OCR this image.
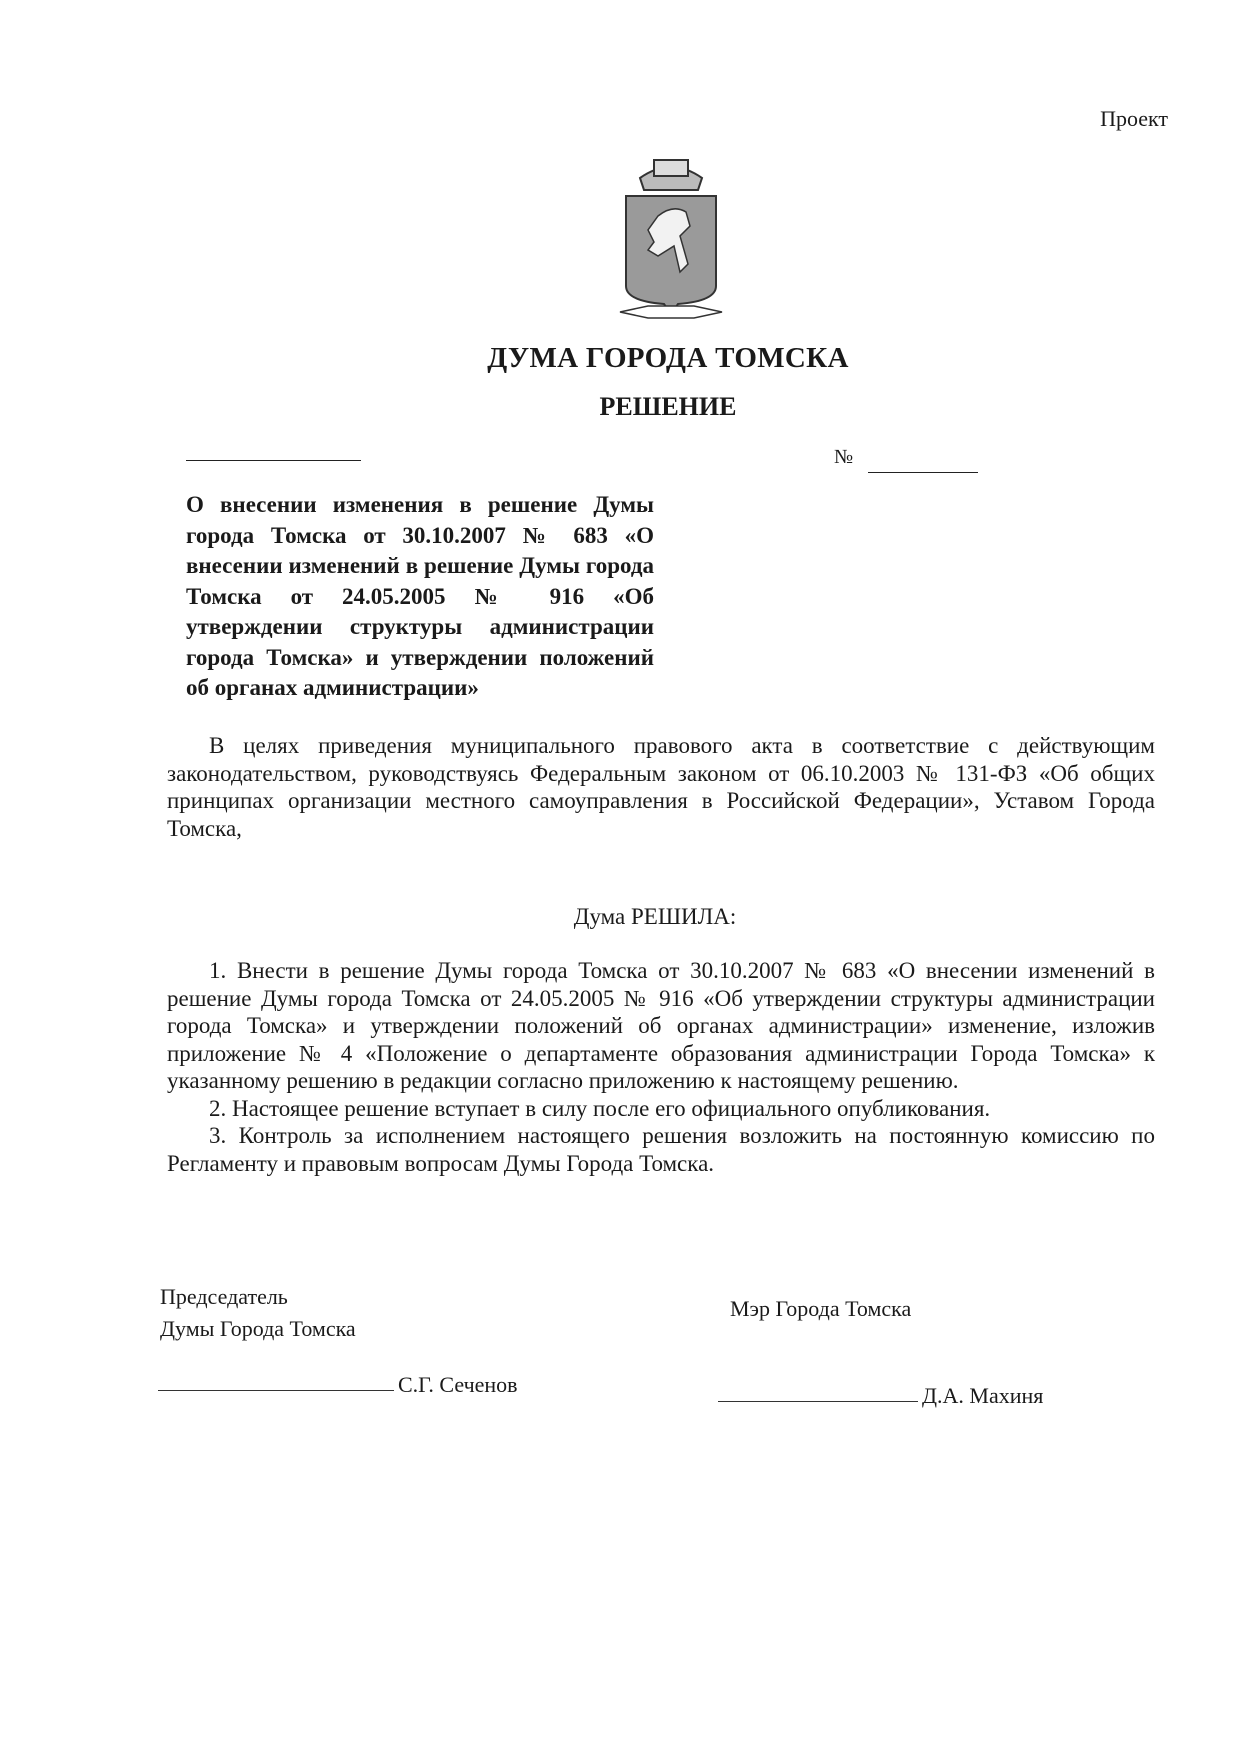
Проект
ДУМА ГОРОДА ТОМСКА
РЕШЕНИЕ
№
О внесении изменения в решение Думы города Томска от 30.10.2007 № 683 «О внесении изменений в решение Думы города Томска от 24.05.2005 № 916 «Об утверждении структуры администрации города Томска» и утверждении положений об органах администрации»
В целях приведения муниципального правового акта в соответствие с действующим законодательством, руководствуясь Федеральным законом от 06.10.2003 № 131-ФЗ «Об общих принципах организации местного самоуправления в Российской Федерации», Уставом Города Томска,
Дума РЕШИЛА:

1. Внести в решение Думы города Томска от 30.10.2007 № 683 «О внесении изменений в решение Думы города Томска от 24.05.2005 № 916 «Об утверждении структуры администрации города Томска» и утверждении положений об органах администрации» изменение, изложив приложение № 4 «Положение о департаменте образования администрации Города Томска» к указанному решению в редакции согласно приложению к настоящему решению.

2. Настоящее решение вступает в силу после его официального опубликования.

3. Контроль за исполнением настоящего решения возложить на постоянную комиссию по Регламенту и правовым вопросам Думы Города Томска.

Председатель
Думы Города Томска
Мэр Города Томска
С.Г. Сеченов	Д.А. Махиня
